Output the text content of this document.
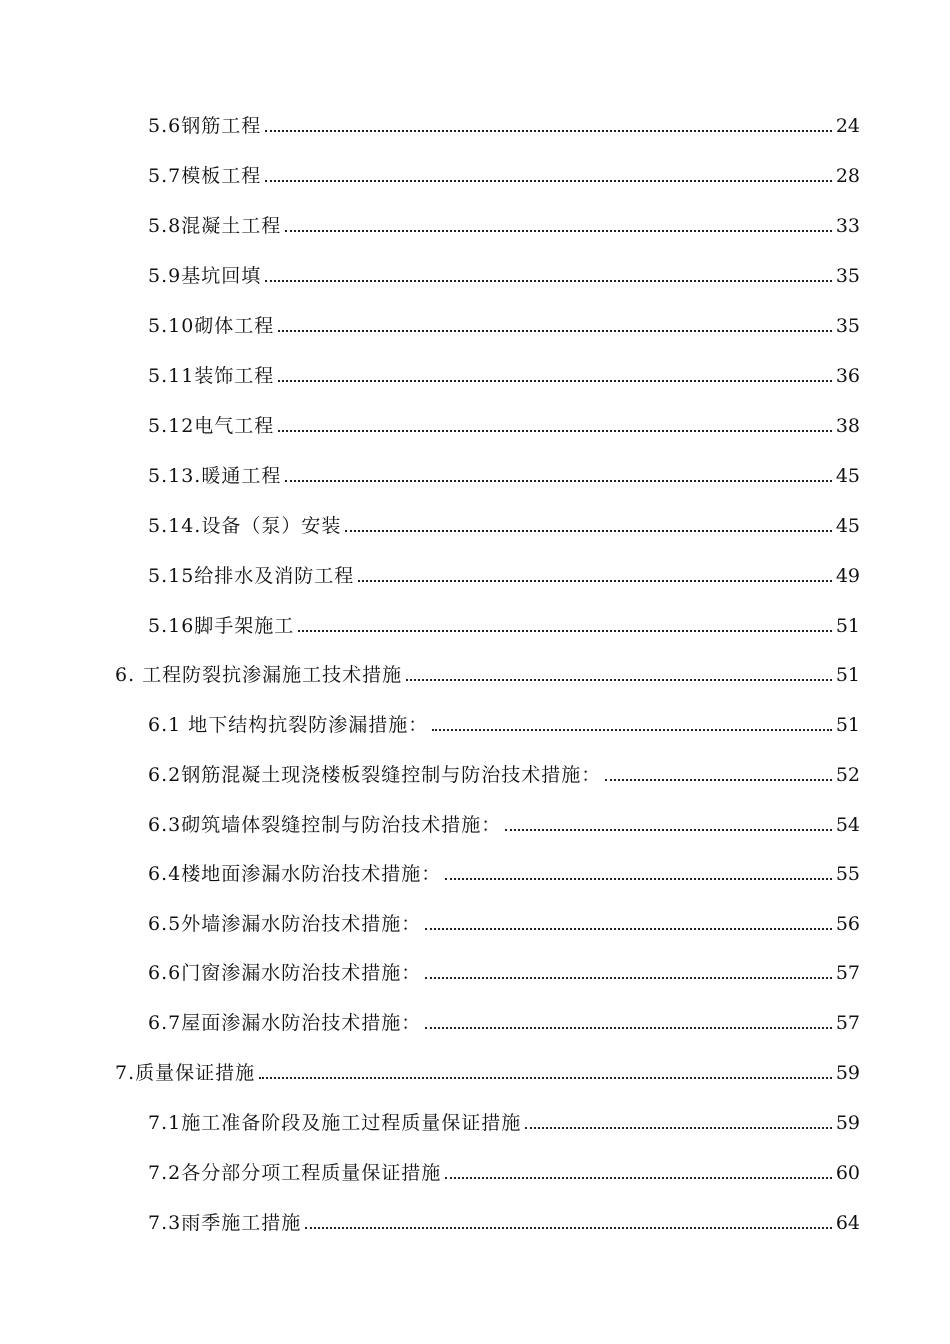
5.6钢筋工程	24
5.7模板工程	28
5.8混凝土工程	33
5.9基坑回填	35
5.10砌体工程	35
5.11装饰工程	36
5.12电气工程	38
5.13.暖通工程	45
5.14.设备（泵）安装	45
5.15给排水及消防工程	49
5.16脚手架施工	51
6. 工程防裂抗渗漏施工技术措施	51
6.1 地下结构抗裂防渗漏措施：	51
6.2钢筋混凝土现浇楼板裂缝控制与防治技术措施：	52
6.3砌筑墙体裂缝控制与防治技术措施：	54
6.4楼地面渗漏水防治技术措施：	55
6.5外墙渗漏水防治技术措施：	56
6.6门窗渗漏水防治技术措施：	57
6.7屋面渗漏水防治技术措施：	57
7.质量保证措施	59
7.1施工准备阶段及施工过程质量保证措施	59
7.2各分部分项工程质量保证措施	60
7.3雨季施工措施	64
